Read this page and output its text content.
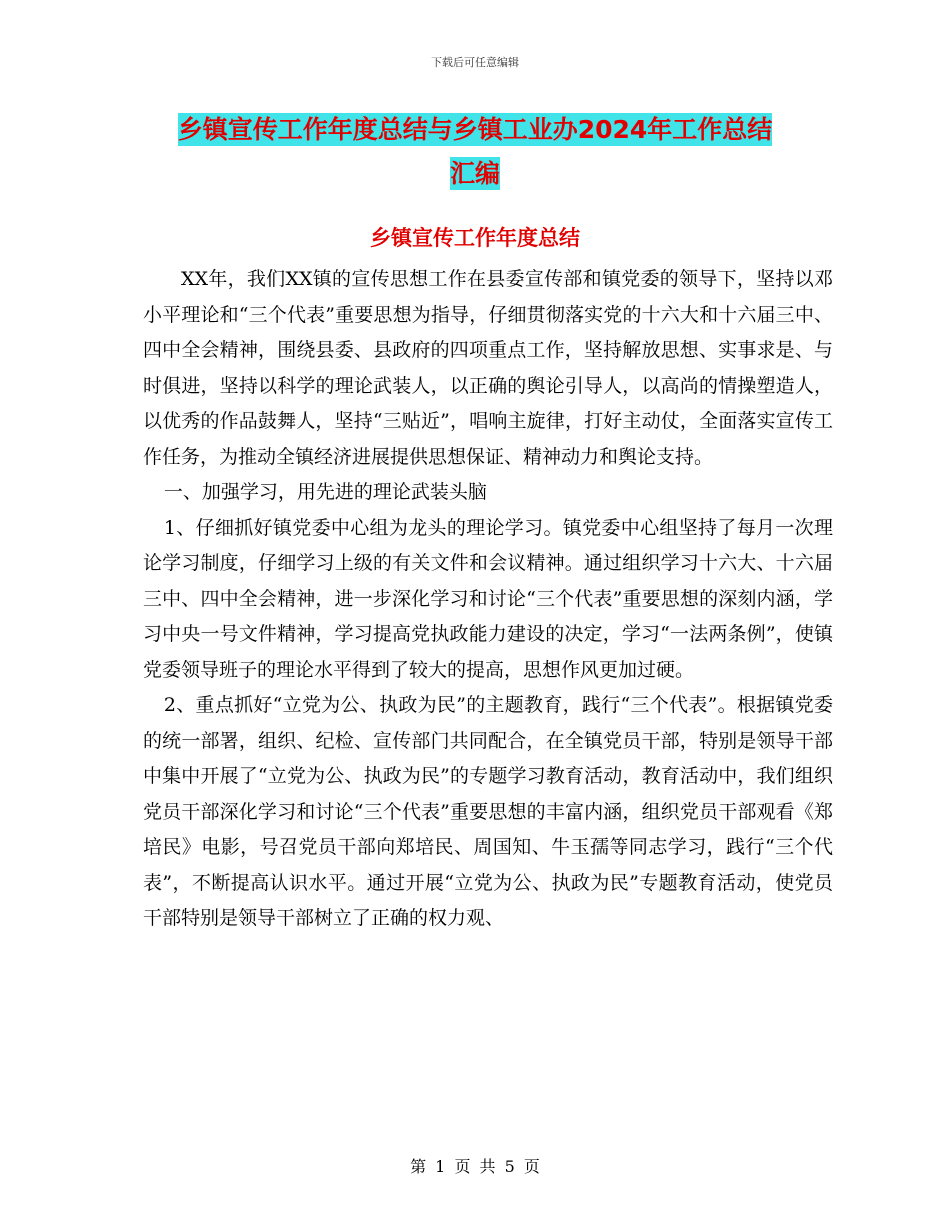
下载后可任意编辑
乡镇宣传工作年度总结与乡镇工业办2024年工作总结
汇编
乡镇宣传工作年度总结

XX年，我们XX镇的宣传思想工作在县委宣传部和镇党委的领导下，坚持以邓小平理论和“三个代表”重要思想为指导，仔细贯彻落实党的十六大和十六届三中、四中全会精神，围绕县委、县政府的四项重点工作，坚持解放思想、实事求是、与时俱进，坚持以科学的理论武装人，以正确的舆论引导人，以高尚的情操塑造人，以优秀的作品鼓舞人，坚持“三贴近”，唱响主旋律，打好主动仗，全面落实宣传工作任务，为推动全镇经济进展提供思想保证、精神动力和舆论支持。

一、加强学习，用先进的理论武装头脑

1、仔细抓好镇党委中心组为龙头的理论学习。镇党委中心组坚持了每月一次理论学习制度，仔细学习上级的有关文件和会议精神。通过组织学习十六大、十六届三中、四中全会精神，进一步深化学习和讨论“三个代表”重要思想的深刻内涵，学习中央一号文件精神，学习提高党执政能力建设的决定，学习“一法两条例”，使镇党委领导班子的理论水平得到了较大的提高，思想作风更加过硬。

2、重点抓好“立党为公、执政为民”的主题教育，践行“三个代表”。根据镇党委的统一部署，组织、纪检、宣传部门共同配合，在全镇党员干部，特别是领导干部中集中开展了“立党为公、执政为民”的专题学习教育活动，教育活动中，我们组织党员干部深化学习和讨论“三个代表”重要思想的丰富内涵，组织党员干部观看《郑培民》电影，号召党员干部向郑培民、周国知、牛玉孺等同志学习，践行“三个代表”，不断提高认识水平。通过开展“立党为公、执政为民”专题教育活动，使党员干部特别是领导干部树立了正确的权力观、

第 1 页 共 5 页
